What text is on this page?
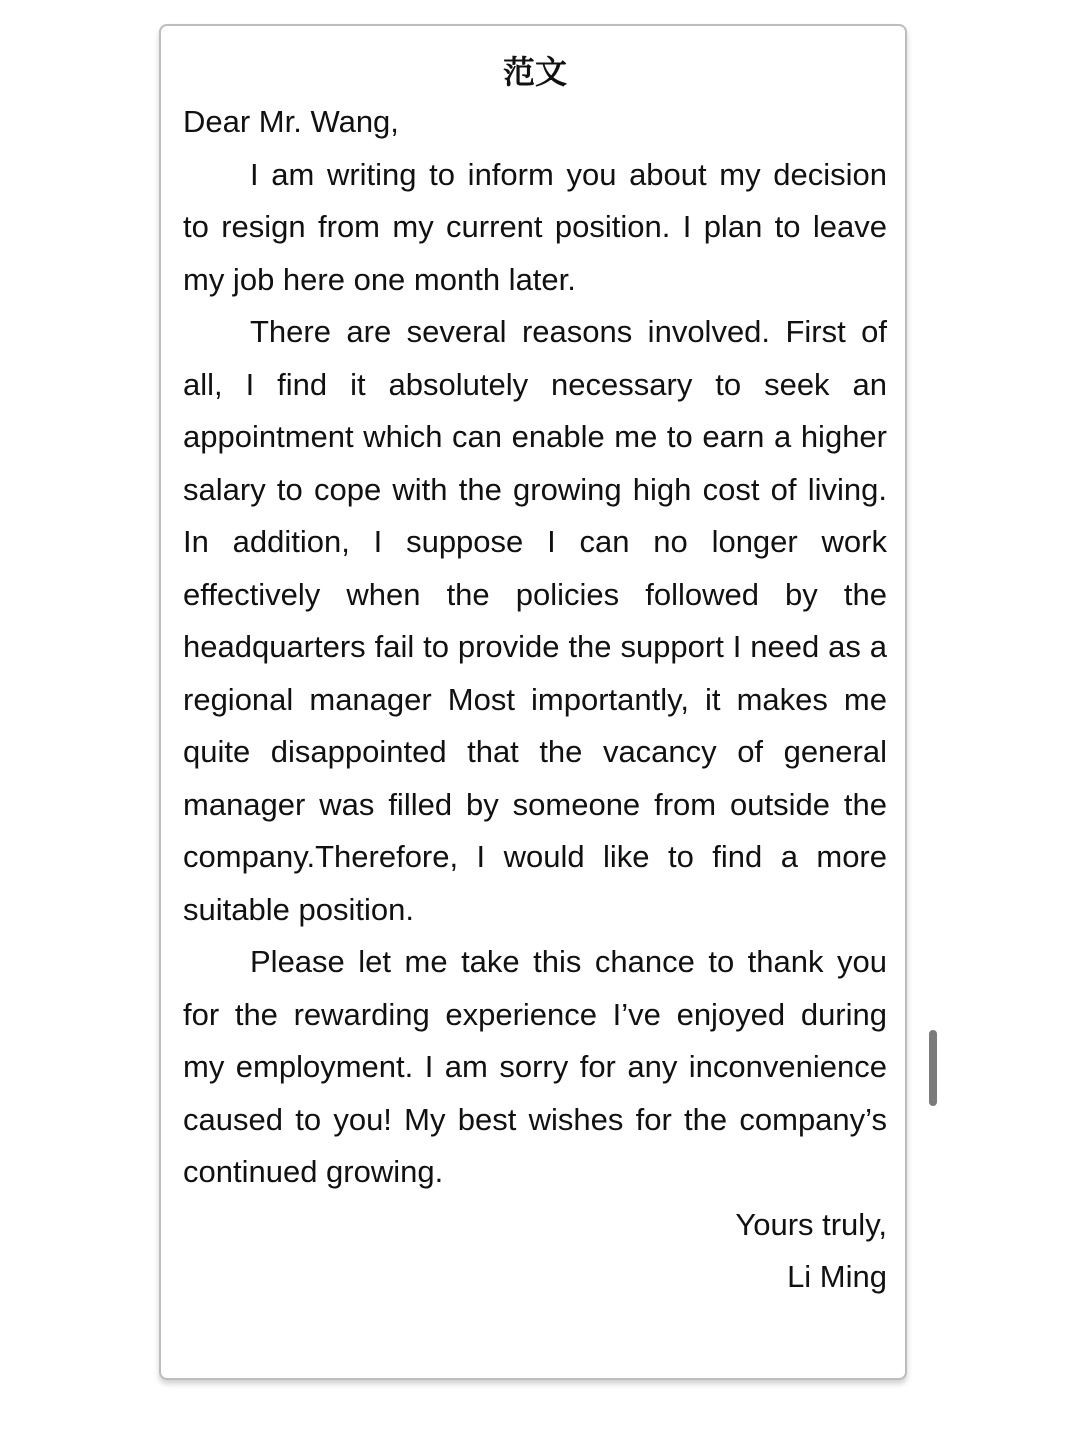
范文

Dear Mr. Wang,

I am writing to inform you about my decision to resign from my current position. I plan to leave my job here one month later.

There are several reasons involved. First of all, I find it absolutely necessary to seek an appointment which can enable me to earn a higher salary to cope with the growing high cost of living. In addition, I suppose I can no longer work effectively when the policies followed by the headquarters fail to provide the support I need as a regional manager Most importantly, it makes me quite disappointed that the vacancy of general manager was filled by someone from outside the company.Therefore, I would like to find a more suitable position.

Please let me take this chance to thank you for the rewarding experience I’ve enjoyed during my employment. I am sorry for any inconvenience caused to you! My best wishes for the company’s continued growing.

Yours truly,

Li Ming
